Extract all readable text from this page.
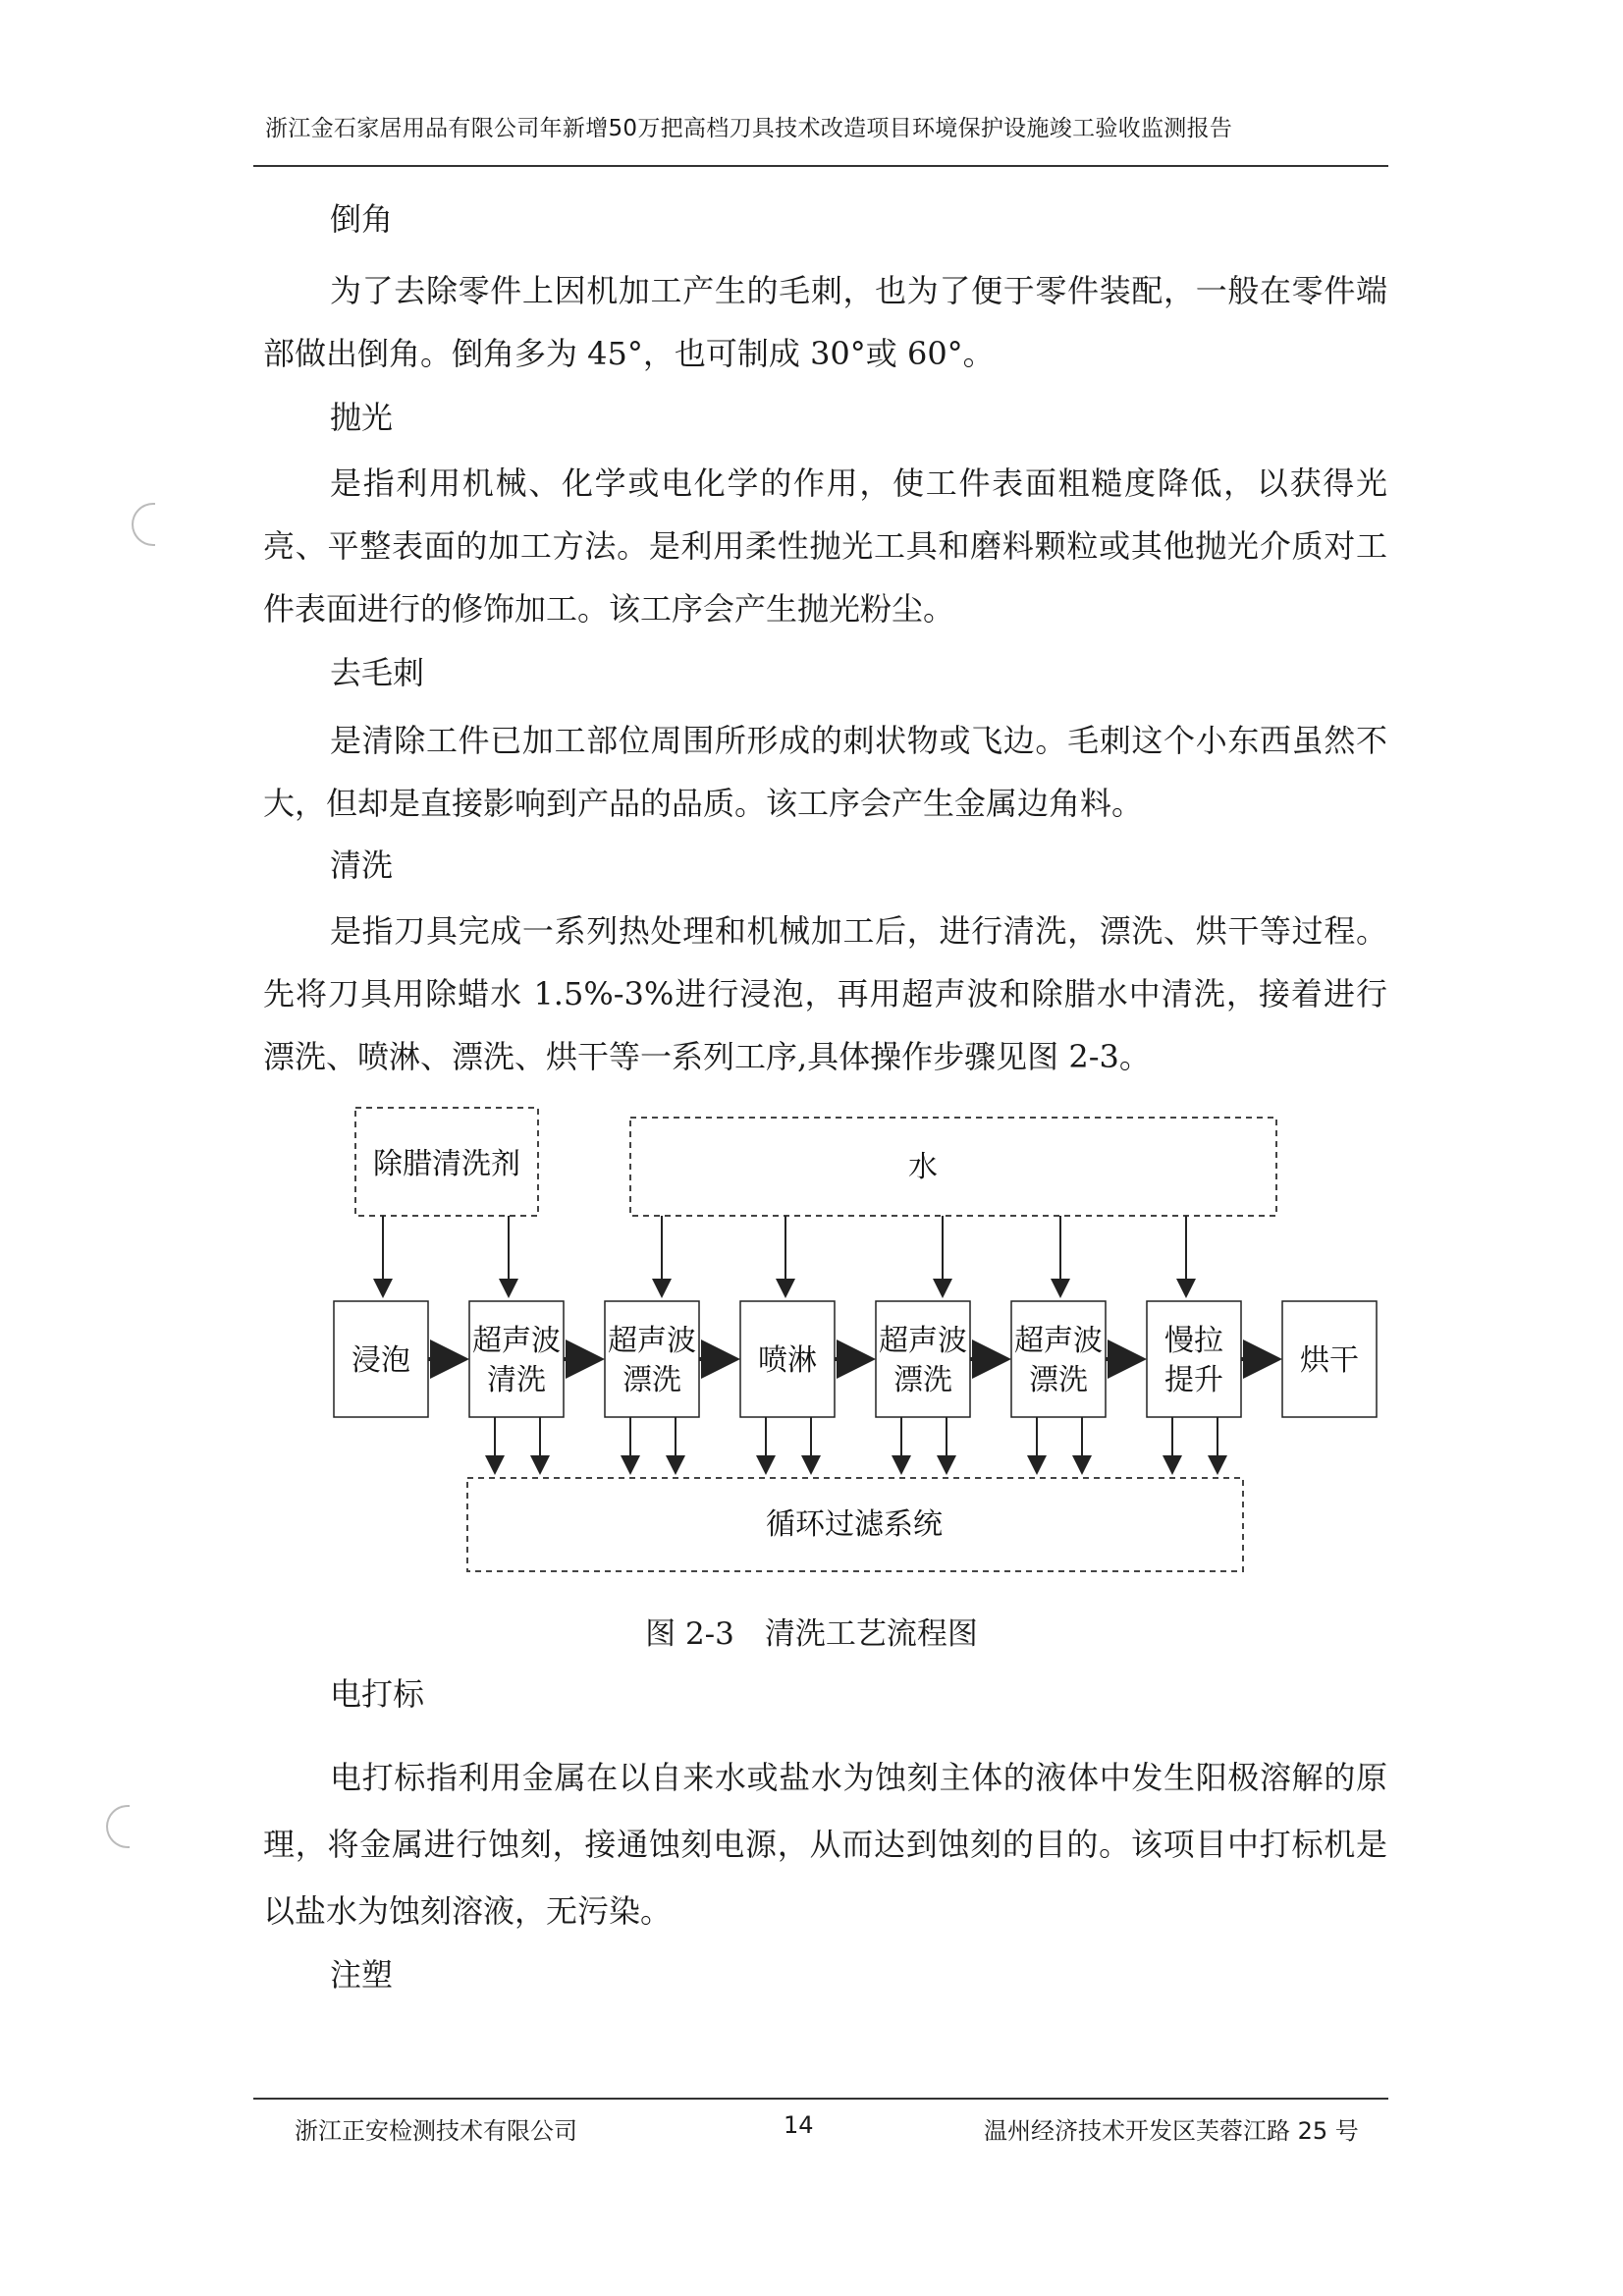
浙江金石家居用品有限公司年新增50万把高档刀具技术改造项目环境保护设施竣工验收监测报告
倒角
为了去除零件上因机加工产生的毛刺，也为了便于零件装配，一般在零件端部做出倒角。倒角多为 45°，也可制成 30°或 60°。
抛光
是指利用机械、化学或电化学的作用，使工件表面粗糙度降低，以获得光亮、平整表面的加工方法。是利用柔性抛光工具和磨料颗粒或其他抛光介质对工件表面进行的修饰加工。该工序会产生抛光粉尘。
去毛刺
是清除工件已加工部位周围所形成的刺状物或飞边。毛刺这个小东西虽然不大，但却是直接影响到产品的品质。该工序会产生金属边角料。
清洗
是指刀具完成一系列热处理和机械加工后，进行清洗，漂洗、烘干等过程。先将刀具用除蜡水 1.5%-3%进行浸泡，再用超声波和除腊水中清洗，接着进行漂洗、喷淋、漂洗、烘干等一系列工序,具体操作步骤见图 2-3。
除腊清洗剂	水
循环过滤系统
浸泡
超声波
清洗
超声波
漂洗
喷淋
超声波
漂洗
超声波
漂洗
慢拉
提升
烘干
图 2-3　清洗工艺流程图
电打标
电打标指利用金属在以自来水或盐水为蚀刻主体的液体中发生阳极溶解的原理，将金属进行蚀刻，接通蚀刻电源，从而达到蚀刻的目的。该项目中打标机是以盐水为蚀刻溶液，无污染。
注塑
浙江正安检测技术有限公司	14	温州经济技术开发区芙蓉江路 25 号
